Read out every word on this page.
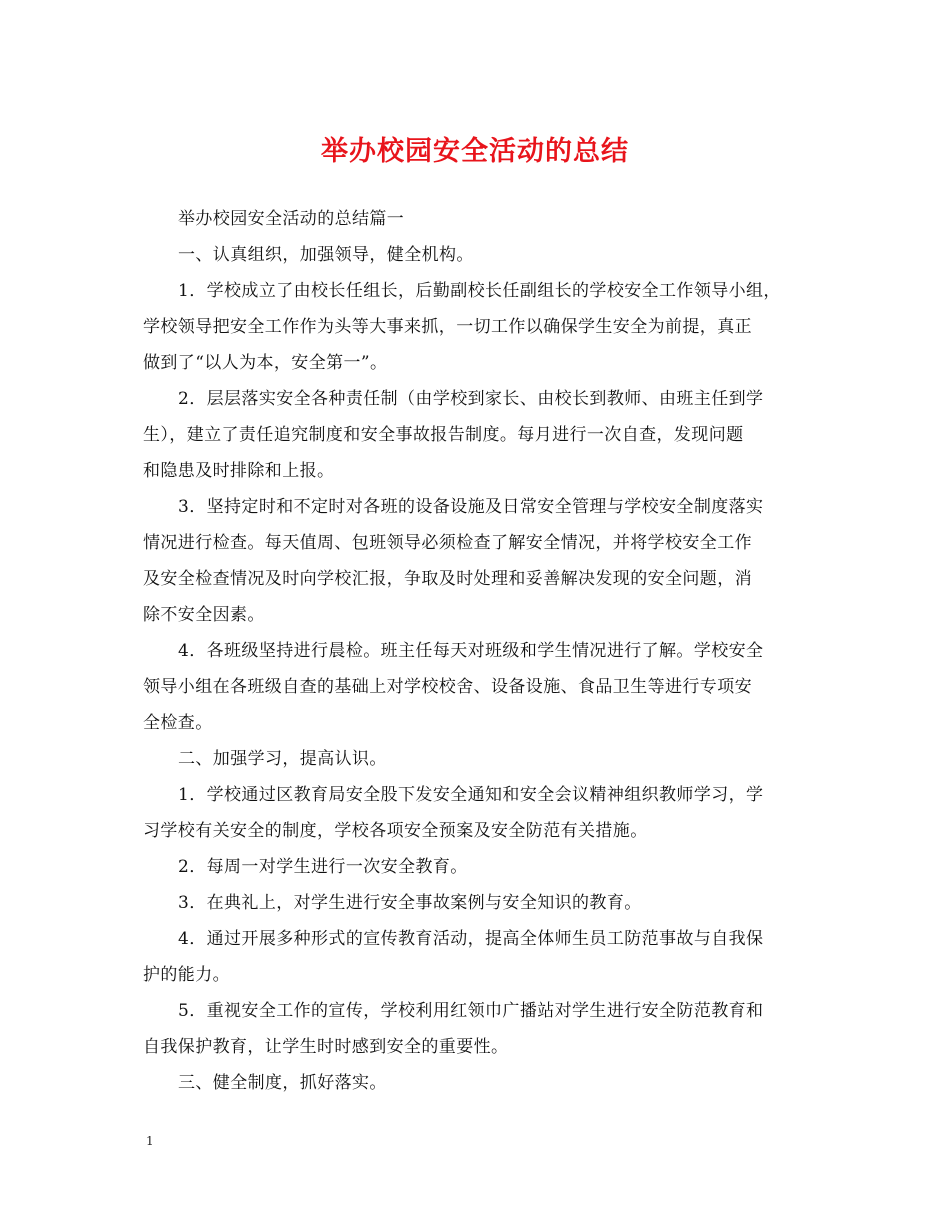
举办校园安全活动的总结
举办校园安全活动的总结篇一
一、认真组织，加强领导，健全机构。
1．学校成立了由校长任组长，后勤副校长任副组长的学校安全工作领导小组，
学校领导把安全工作作为头等大事来抓，一切工作以确保学生安全为前提，真正
做到了“以人为本，安全第一”。
2．层层落实安全各种责任制（由学校到家长、由校长到教师、由班主任到学
生），建立了责任追究制度和安全事故报告制度。每月进行一次自查，发现问题
和隐患及时排除和上报。
3．坚持定时和不定时对各班的设备设施及日常安全管理与学校安全制度落实
情况进行检查。每天值周、包班领导必须检查了解安全情况，并将学校安全工作
及安全检查情况及时向学校汇报，争取及时处理和妥善解决发现的安全问题，消
除不安全因素。
4．各班级坚持进行晨检。班主任每天对班级和学生情况进行了解。学校安全
领导小组在各班级自查的基础上对学校校舍、设备设施、食品卫生等进行专项安
全检查。
二、加强学习，提高认识。
1．学校通过区教育局安全股下发安全通知和安全会议精神组织教师学习，学
习学校有关安全的制度，学校各项安全预案及安全防范有关措施。
2．每周一对学生进行一次安全教育。
3．在典礼上，对学生进行安全事故案例与安全知识的教育。
4．通过开展多种形式的宣传教育活动，提高全体师生员工防范事故与自我保
护的能力。
5．重视安全工作的宣传，学校利用红领巾广播站对学生进行安全防范教育和
自我保护教育，让学生时时感到安全的重要性。
三、健全制度，抓好落实。
1
